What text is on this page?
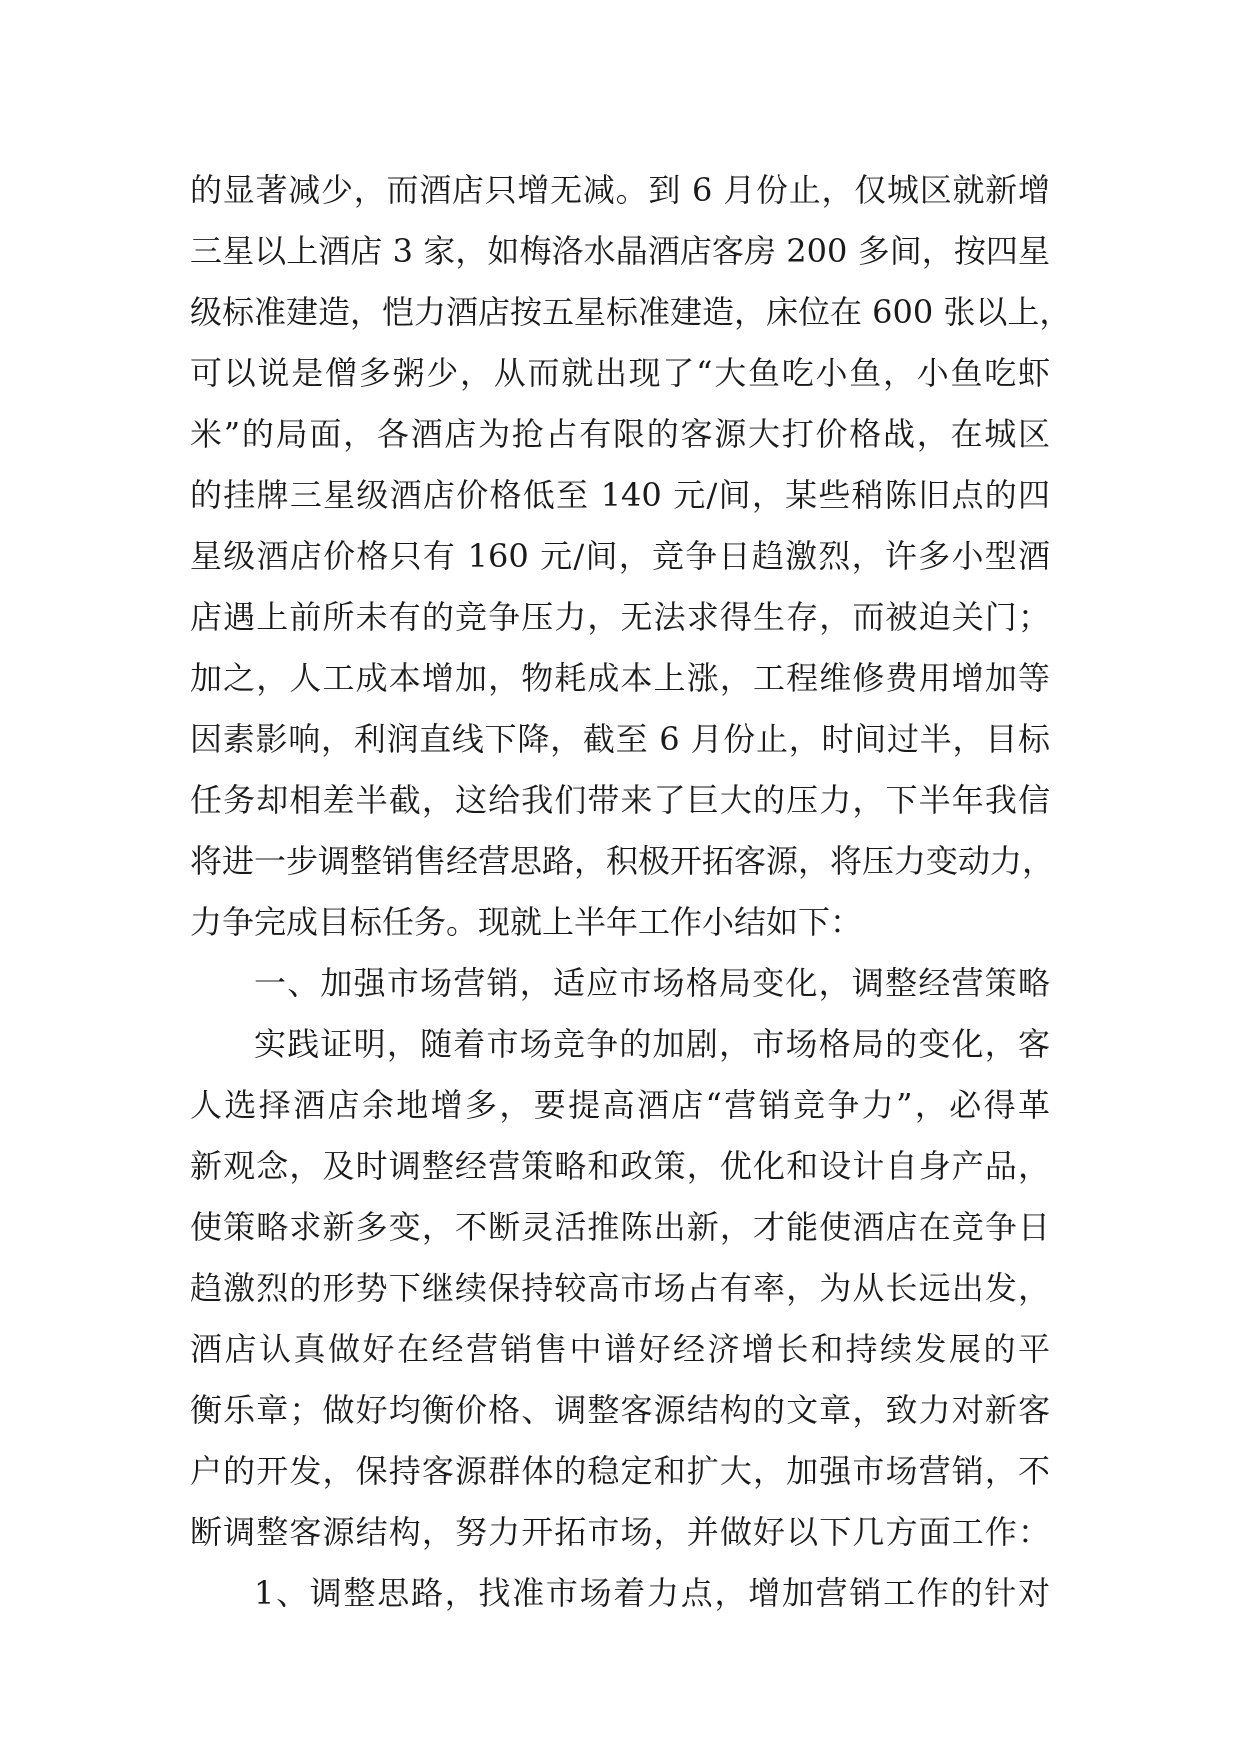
的显著减少，而酒店只增无减。到 6 月份止，仅城区就新增
三星以上酒店 3 家，如梅洛水晶酒店客房 200 多间，按四星
级标准建造，恺力酒店按五星标准建造，床位在 600 张以上，
可以说是僧多粥少，从而就出现了“大鱼吃小鱼，小鱼吃虾
米”的局面，各酒店为抢占有限的客源大打价格战，在城区
的挂牌三星级酒店价格低至 140 元/间，某些稍陈旧点的四
星级酒店价格只有 160 元/间，竞争日趋激烈，许多小型酒
店遇上前所未有的竞争压力，无法求得生存，而被迫关门；
加之，人工成本增加，物耗成本上涨，工程维修费用增加等
因素影响，利润直线下降，截至 6 月份止，时间过半，目标
任务却相差半截，这给我们带来了巨大的压力，下半年我信
将进一步调整销售经营思路，积极开拓客源，将压力变动力，
力争完成目标任务。现就上半年工作小结如下：
一、加强市场营销，适应市场格局变化，调整经营策略
实践证明，随着市场竞争的加剧，市场格局的变化，客
人选择酒店余地增多，要提高酒店“营销竞争力”，必得革
新观念，及时调整经营策略和政策，优化和设计自身产品，
使策略求新多变，不断灵活推陈出新，才能使酒店在竞争日
趋激烈的形势下继续保持较高市场占有率，为从长远出发，
酒店认真做好在经营销售中谱好经济增长和持续发展的平
衡乐章；做好均衡价格、调整客源结构的文章，致力对新客
户的开发，保持客源群体的稳定和扩大，加强市场营销，不
断调整客源结构，努力开拓市场，并做好以下几方面工作：
1、调整思路，找准市场着力点，增加营销工作的针对
